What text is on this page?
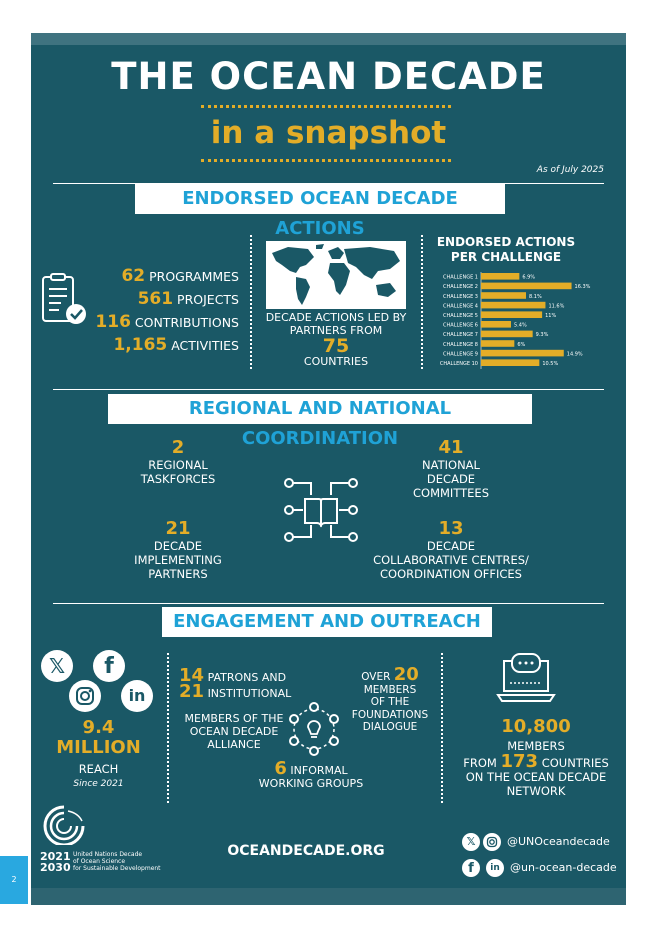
2
THE OCEAN DECADE
in a snapshot
As of July 2025
ENDORSED OCEAN DECADE ACTIONS
62 PROGRAMMES
561 PROJECTS
116 CONTRIBUTIONS
1,165 ACTIVITIES
DECADE ACTIONS LED BY PARTNERS FROM
75
COUNTRIES
ENDORSED ACTIONS PER CHALLENGE
CHALLENGE 1	6.9%
CHALLENGE 2	16.3%
CHALLENGE 3	8.1%
CHALLENGE 4	11.6%
CHALLENGE 5	11%
CHALLENGE 6	5.4%
CHALLENGE 7	9.3%
CHALLENGE 8	6%
CHALLENGE 9	14.9%
CHALLENGE 10	10.5%
REGIONAL AND NATIONAL COORDINATION
2
REGIONAL
TASKFORCES
41
NATIONAL
DECADE
COMMITTEES
21
DECADE
IMPLEMENTING
PARTNERS
13
DECADE
COLLABORATIVE CENTRES/
COORDINATION OFFICES
ENGAGEMENT AND OUTREACH
𝕏	f
in
9.4
MILLION
REACH
Since 2021
14 PATRONS AND
21 INSTITUTIONAL
MEMBERS OF THE
OCEAN DECADE
ALLIANCE
OVER 20
MEMBERS
OF THE
FOUNDATIONS
DIALOGUE
6 INFORMAL
WORKING GROUPS
10,800
MEMBERS
FROM 173 COUNTRIES
ON THE OCEAN DECADE
NETWORK
2021
2030
United Nations Decade
of Ocean Science
for Sustainable Development
OCEANDECADE.ORG
𝕏	@UNOceandecade
f	in @un-ocean-decade
